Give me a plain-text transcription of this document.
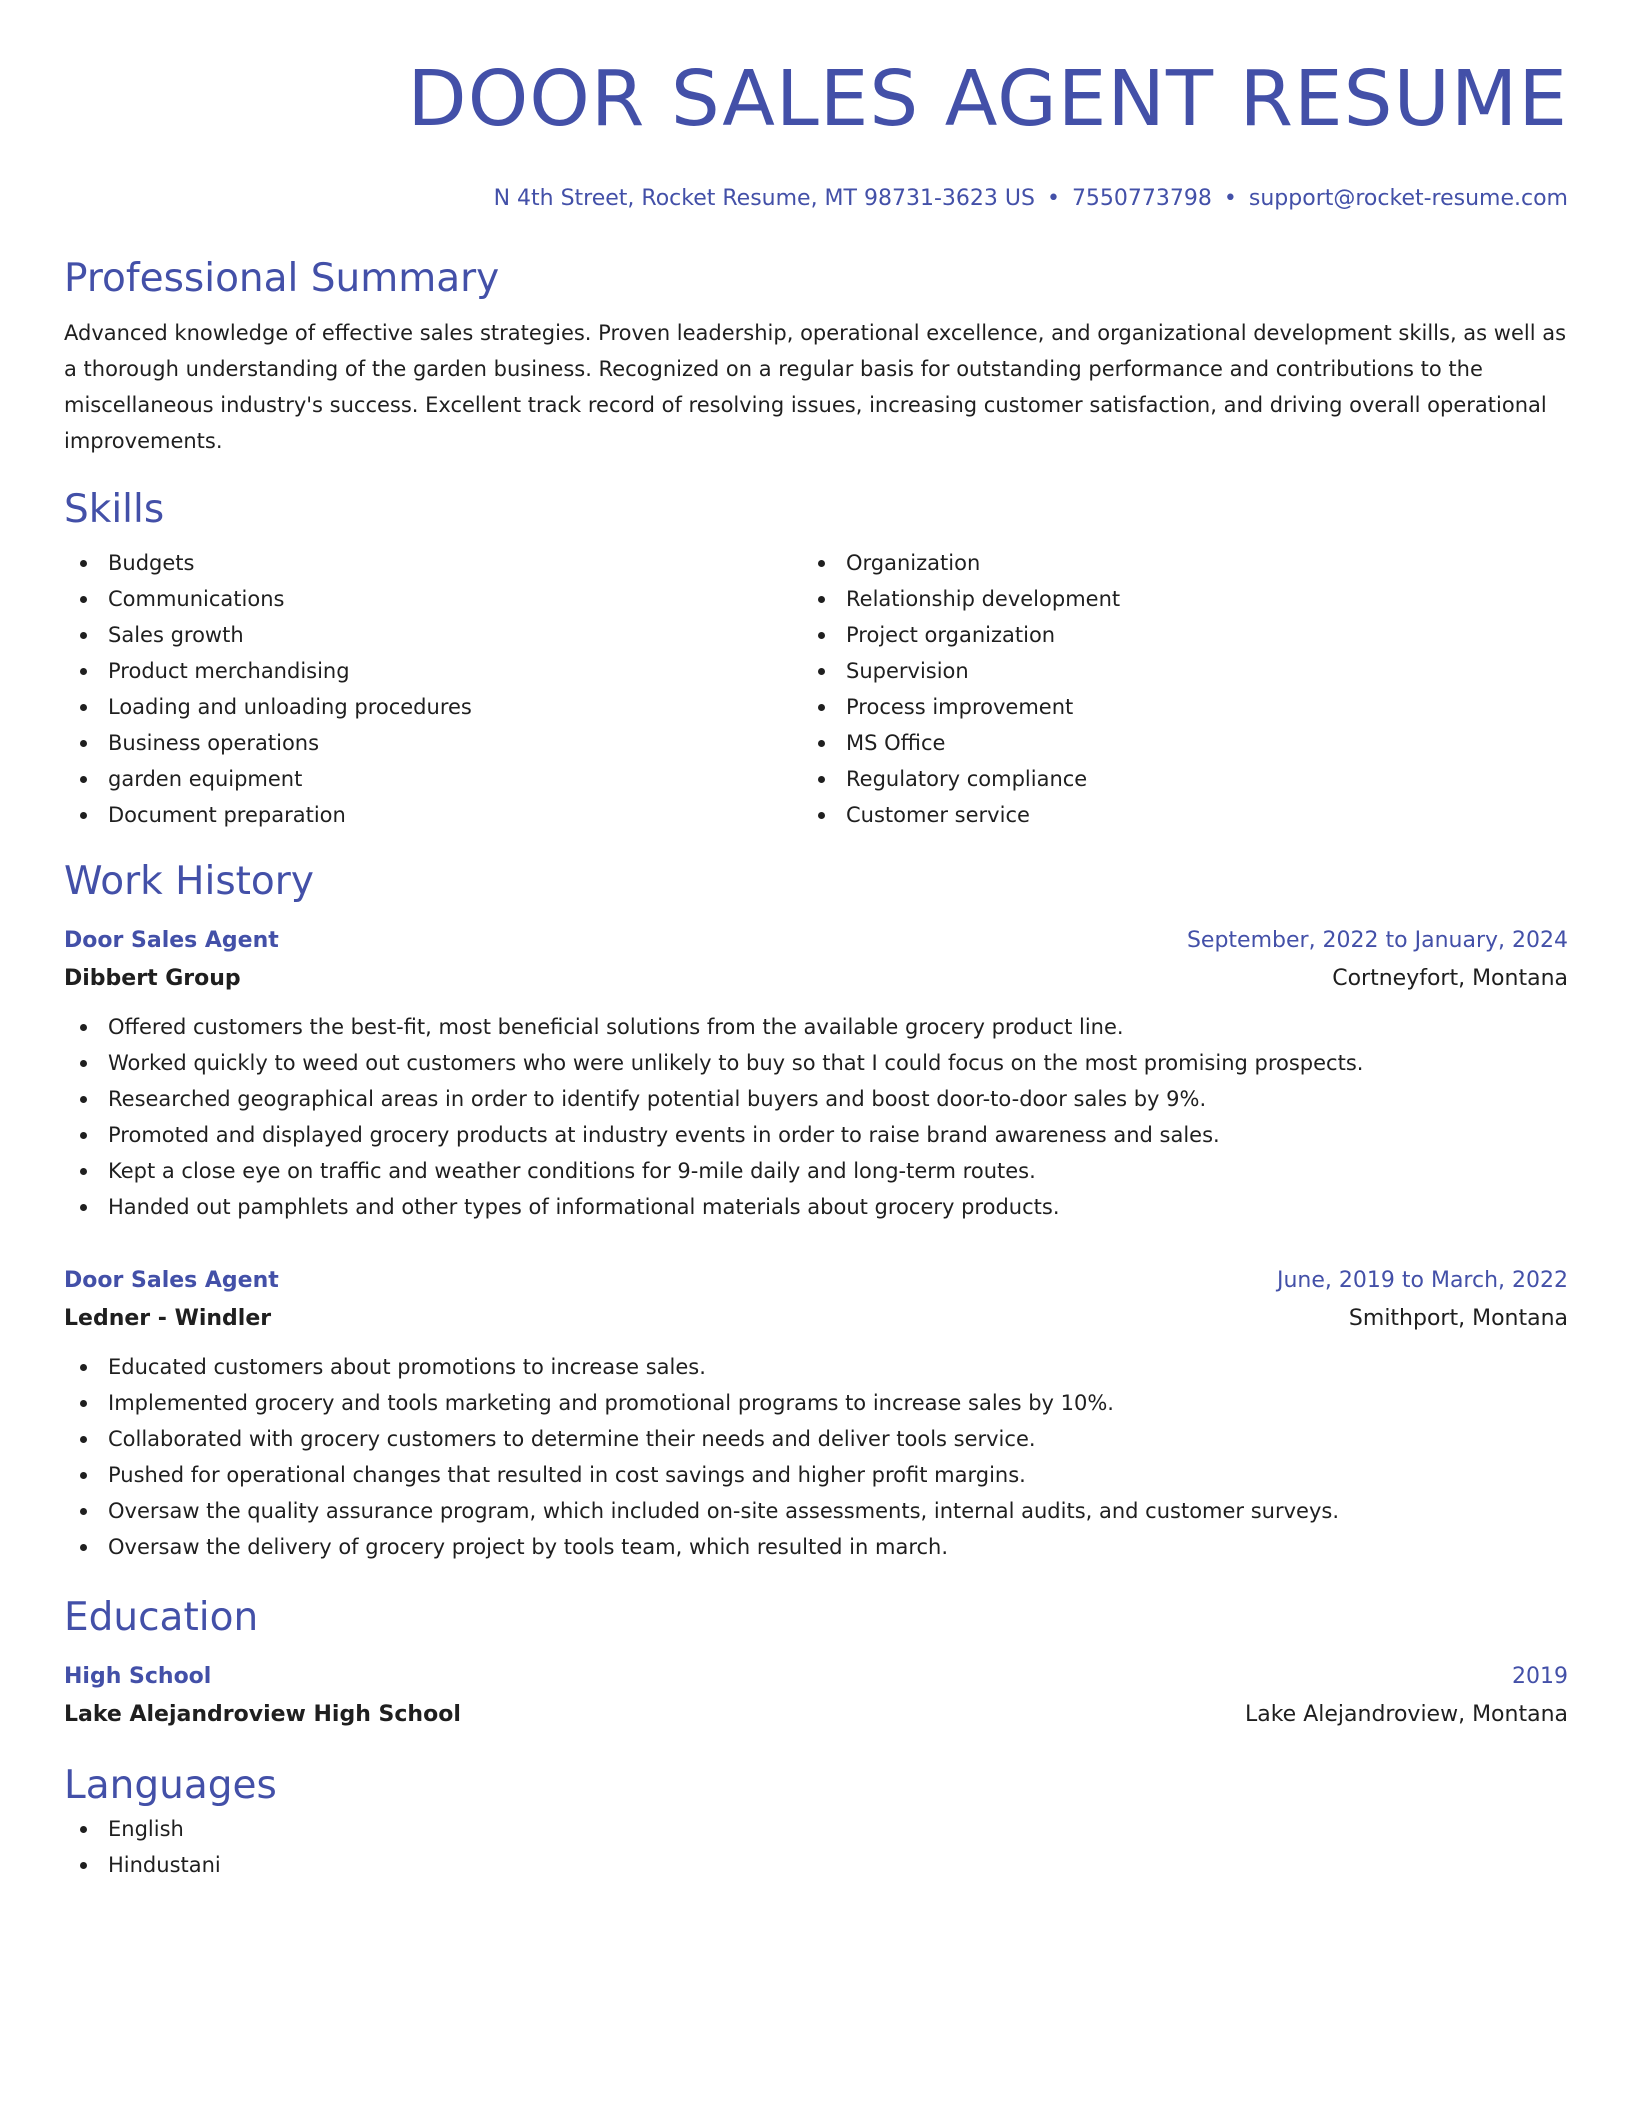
DOOR SALES AGENT RESUME
N 4th Street, Rocket Resume, MT 98731-3623 US • 7550773798 • support@rocket-resume.com
Professional Summary
Advanced knowledge of effective sales strategies. Proven leadership, operational excellence, and organizational development skills, as well as a thorough understanding of the garden business. Recognized on a regular basis for outstanding performance and contributions to the miscellaneous industry's success. Excellent track record of resolving issues, increasing customer satisfaction, and driving overall operational improvements.
Skills
Budgets
Communications
Sales growth
Product merchandising
Loading and unloading procedures
Business operations
garden equipment
Document preparation
Organization
Relationship development
Project organization
Supervision
Process improvement
MS Office
Regulatory compliance
Customer service
Work History
Door Sales Agent	September, 2022 to January, 2024
Dibbert Group	Cortneyfort, Montana
Offered customers the best-fit, most beneficial solutions from the available grocery product line.
Worked quickly to weed out customers who were unlikely to buy so that I could focus on the most promising prospects.
Researched geographical areas in order to identify potential buyers and boost door-to-door sales by 9%.
Promoted and displayed grocery products at industry events in order to raise brand awareness and sales.
Kept a close eye on traffic and weather conditions for 9-mile daily and long-term routes.
Handed out pamphlets and other types of informational materials about grocery products.
Door Sales Agent	June, 2019 to March, 2022
Ledner - Windler	Smithport, Montana
Educated customers about promotions to increase sales.
Implemented grocery and tools marketing and promotional programs to increase sales by 10%.
Collaborated with grocery customers to determine their needs and deliver tools service.
Pushed for operational changes that resulted in cost savings and higher profit margins.
Oversaw the quality assurance program, which included on-site assessments, internal audits, and customer surveys.
Oversaw the delivery of grocery project by tools team, which resulted in march.
Education
High School	2019
Lake Alejandroview High School	Lake Alejandroview, Montana
Languages
English
Hindustani
